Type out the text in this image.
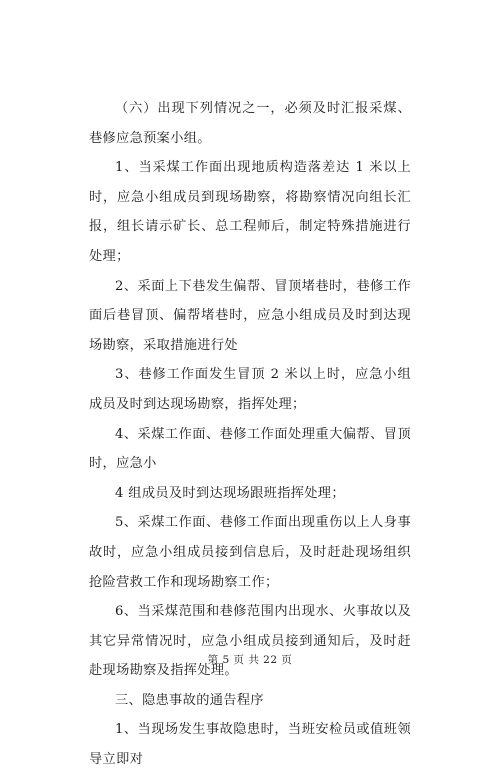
（六）出现下列情况之一，必须及时汇报采煤、巷修应急预案小组。

1、当采煤工作面出现地质构造落差达 1 米以上时，应急小组成员到现场勘察，将勘察情况向组长汇报，组长请示矿长、总工程师后，制定特殊措施进行处理；

2、采面上下巷发生偏帮、冒顶堵巷时，巷修工作面后巷冒顶、偏帮堵巷时，应急小组成员及时到达现场勘察，采取措施进行处

3、巷修工作面发生冒顶 2 米以上时，应急小组成员及时到达现场勘察，指挥处理；

4、采煤工作面、巷修工作面处理重大偏帮、冒顶时，应急小

4 组成员及时到达现场跟班指挥处理；

5、采煤工作面、巷修工作面出现重伤以上人身事故时，应急小组成员接到信息后，及时赶赴现场组织抢险营救工作和现场勘察工作；

6、当采煤范围和巷修范围内出现水、火事故以及其它异常情况时，应急小组成员接到通知后，及时赶赴现场勘察及指挥处理。

三、隐患事故的通告程序

1、当现场发生事故隐患时，当班安检员或值班领导立即对

第 5 页 共 22 页
